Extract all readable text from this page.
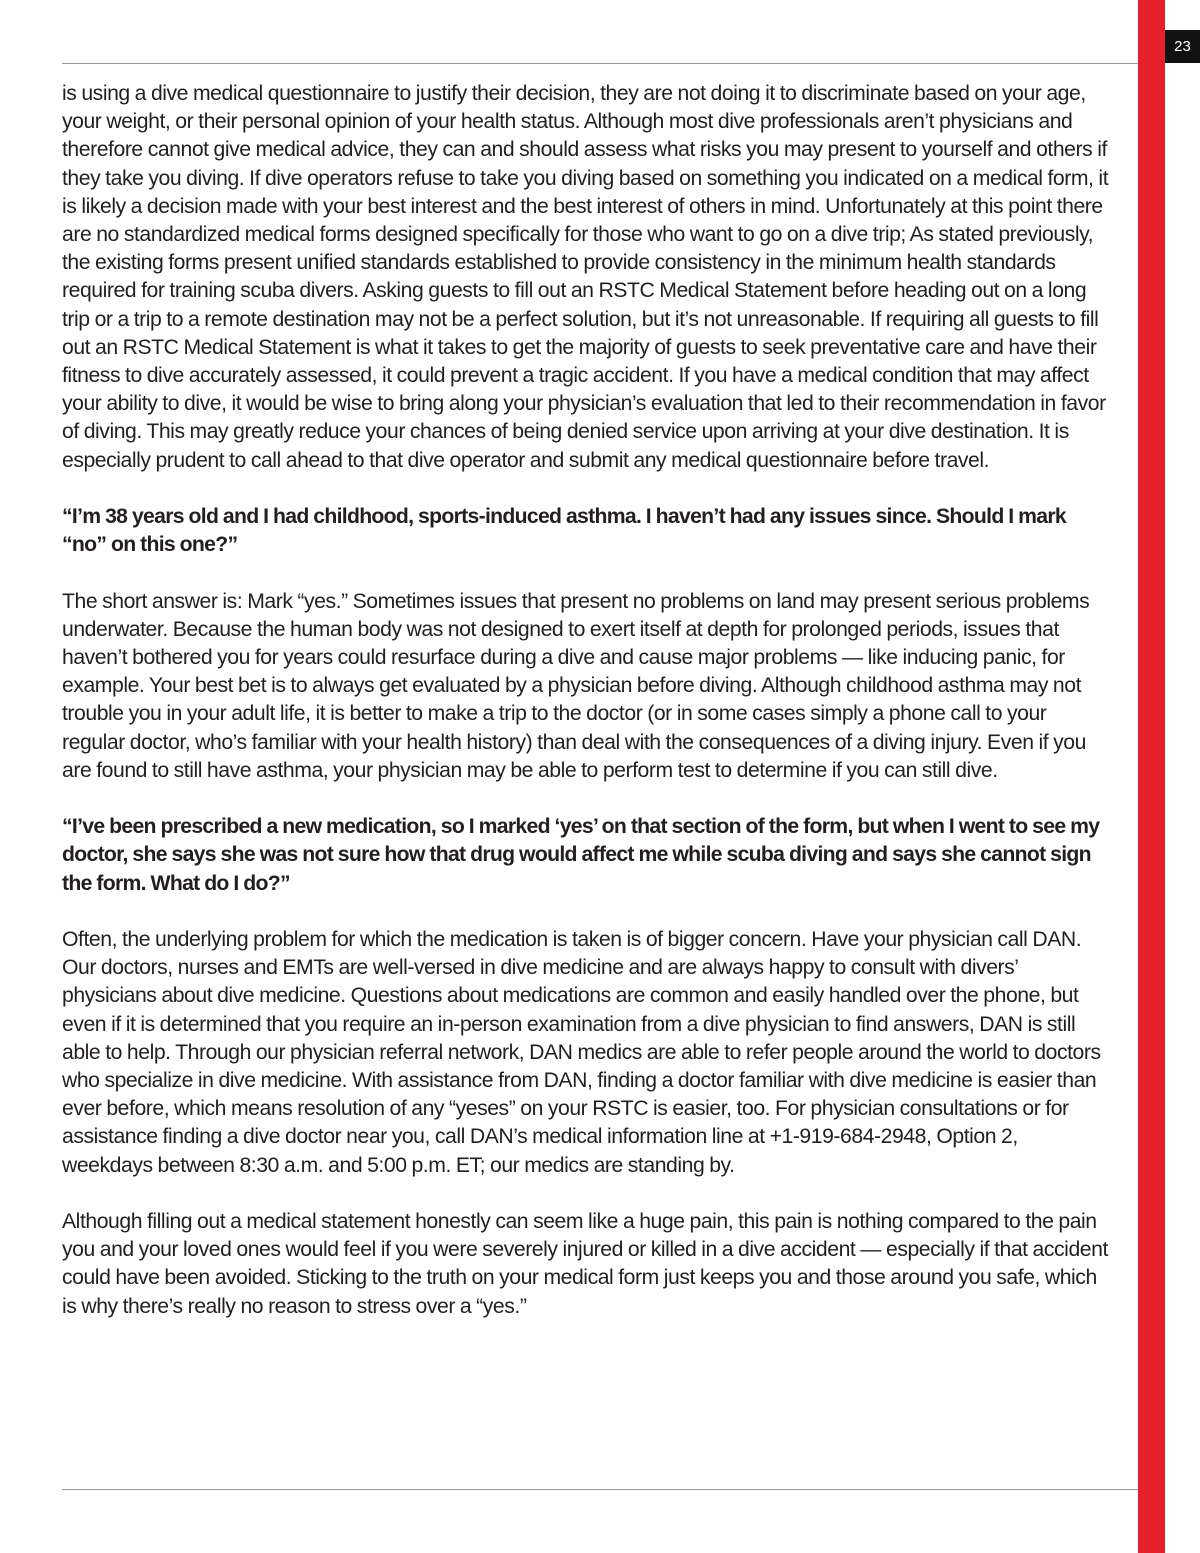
23

is using a dive medical questionnaire to justify their decision, they are not doing it to discriminate based on your age, your weight, or their personal opinion of your health status. Although most dive professionals aren’t physicians and therefore cannot give medical advice, they can and should assess what risks you may present to yourself and others if they take you diving. If dive operators refuse to take you diving based on something you indicated on a medical form, it is likely a decision made with your best interest and the best interest of others in mind. Unfortunately at this point there are no standardized medical forms designed specifically for those who want to go on a dive trip; As stated previously, the existing forms present unified standards established to provide consistency in the minimum health standards required for training scuba divers. Asking guests to fill out an RSTC Medical Statement before heading out on a long trip or a trip to a remote destination may not be a perfect solution, but it’s not unreasonable. If requiring all guests to fill out an RSTC Medical Statement is what it takes to get the majority of guests to seek preventative care and have their fitness to dive accurately assessed, it could prevent a tragic accident. If you have a medical condition that may affect your ability to dive, it would be wise to bring along your physician’s evaluation that led to their recommendation in favor of diving. This may greatly reduce your chances of being denied service upon arriving at your dive destination. It is especially prudent to call ahead to that dive operator and submit any medical questionnaire before travel.

“I’m 38 years old and I had childhood, sports-induced asthma. I haven’t had any issues since. Should I mark “no” on this one?”

The short answer is: Mark “yes.” Sometimes issues that present no problems on land may present serious problems underwater. Because the human body was not designed to exert itself at depth for prolonged periods, issues that haven’t bothered you for years could resurface during a dive and cause major problems — like inducing panic, for example. Your best bet is to always get evaluated by a physician before diving. Although childhood asthma may not trouble you in your adult life, it is better to make a trip to the doctor (or in some cases simply a phone call to your regular doctor, who’s familiar with your health history) than deal with the consequences of a diving injury. Even if you are found to still have asthma, your physician may be able to perform test to determine if you can still dive.

“I’ve been prescribed a new medication, so I marked ‘yes’ on that section of the form, but when I went to see my doctor, she says she was not sure how that drug would affect me while scuba diving and says she cannot sign the form. What do I do?”

Often, the underlying problem for which the medication is taken is of bigger concern. Have your physician call DAN. Our doctors, nurses and EMTs are well-versed in dive medicine and are always happy to consult with divers’ physicians about dive medicine. Questions about medications are common and easily handled over the phone, but even if it is determined that you require an in-person examination from a dive physician to find answers, DAN is still able to help. Through our physician referral network, DAN medics are able to refer people around the world to doctors who specialize in dive medicine. With assistance from DAN, finding a doctor familiar with dive medicine is easier than ever before, which means resolution of any “yeses” on your RSTC is easier, too. For physician consultations or for assistance finding a dive doctor near you, call DAN’s medical information line at +1-919-684-2948, Option 2, weekdays between 8:30 a.m. and 5:00 p.m. ET; our medics are standing by.

Although filling out a medical statement honestly can seem like a huge pain, this pain is nothing compared to the pain you and your loved ones would feel if you were severely injured or killed in a dive accident — especially if that accident could have been avoided. Sticking to the truth on your medical form just keeps you and those around you safe, which is why there’s really no reason to stress over a “yes.”
